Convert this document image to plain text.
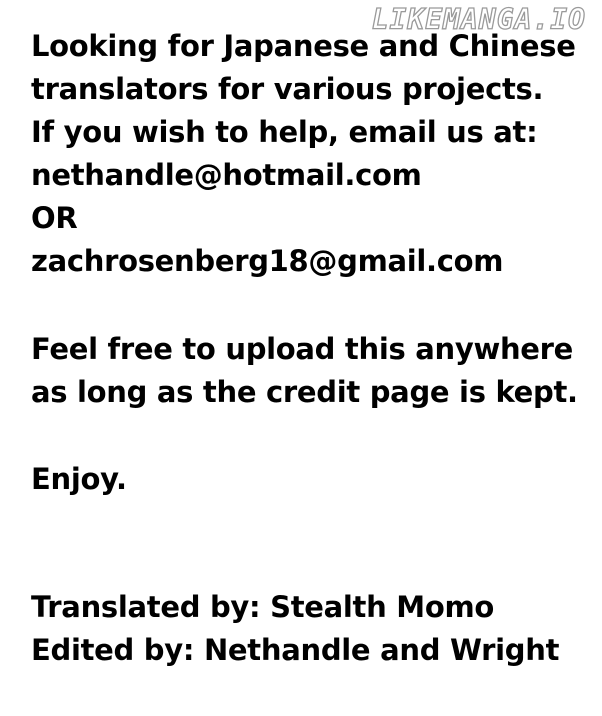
LIKEMANGA.IO
Looking for Japanese and Chinese
translators for various projects.
If you wish to help, email us at:
nethandle@hotmail.com
OR
zachrosenberg18@gmail.com
Feel free to upload this anywhere
as long as the credit page is kept.
Enjoy.
Translated by: Stealth Momo
Edited by: Nethandle and Wright
